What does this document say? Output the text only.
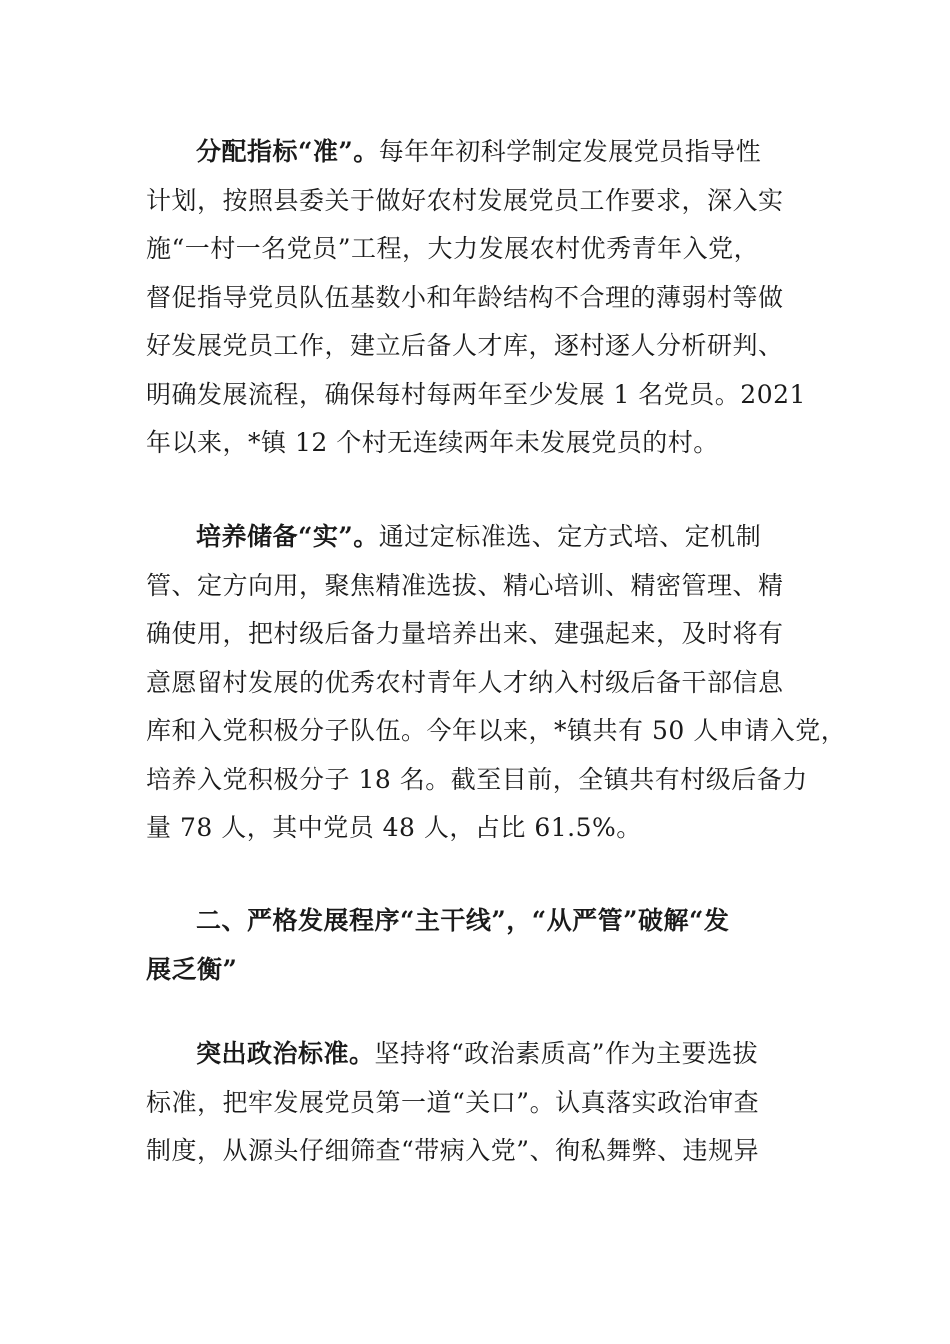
分配指标“准”。每年年初科学制定发展党员指导性
计划，按照县委关于做好农村发展党员工作要求，深入实
施“一村一名党员”工程，大力发展农村优秀青年入党，
督促指导党员队伍基数小和年龄结构不合理的薄弱村等做
好发展党员工作，建立后备人才库，逐村逐人分析研判、
明确发展流程，确保每村每两年至少发展 1 名党员。2021
年以来，*镇 12 个村无连续两年未发展党员的村。
培养储备“实”。通过定标准选、定方式培、定机制
管、定方向用，聚焦精准选拔、精心培训、精密管理、精
确使用，把村级后备力量培养出来、建强起来，及时将有
意愿留村发展的优秀农村青年人才纳入村级后备干部信息
库和入党积极分子队伍。今年以来，*镇共有 50 人申请入党，
培养入党积极分子 18 名。截至目前，全镇共有村级后备力
量 78 人，其中党员 48 人，占比 61.5%。
二、严格发展程序“主干线”，“从严管”破解“发
展乏衡”
突出政治标准。坚持将“政治素质高”作为主要选拔
标准，把牢发展党员第一道“关口”。认真落实政治审查
制度，从源头仔细筛查“带病入党”、徇私舞弊、违规异
